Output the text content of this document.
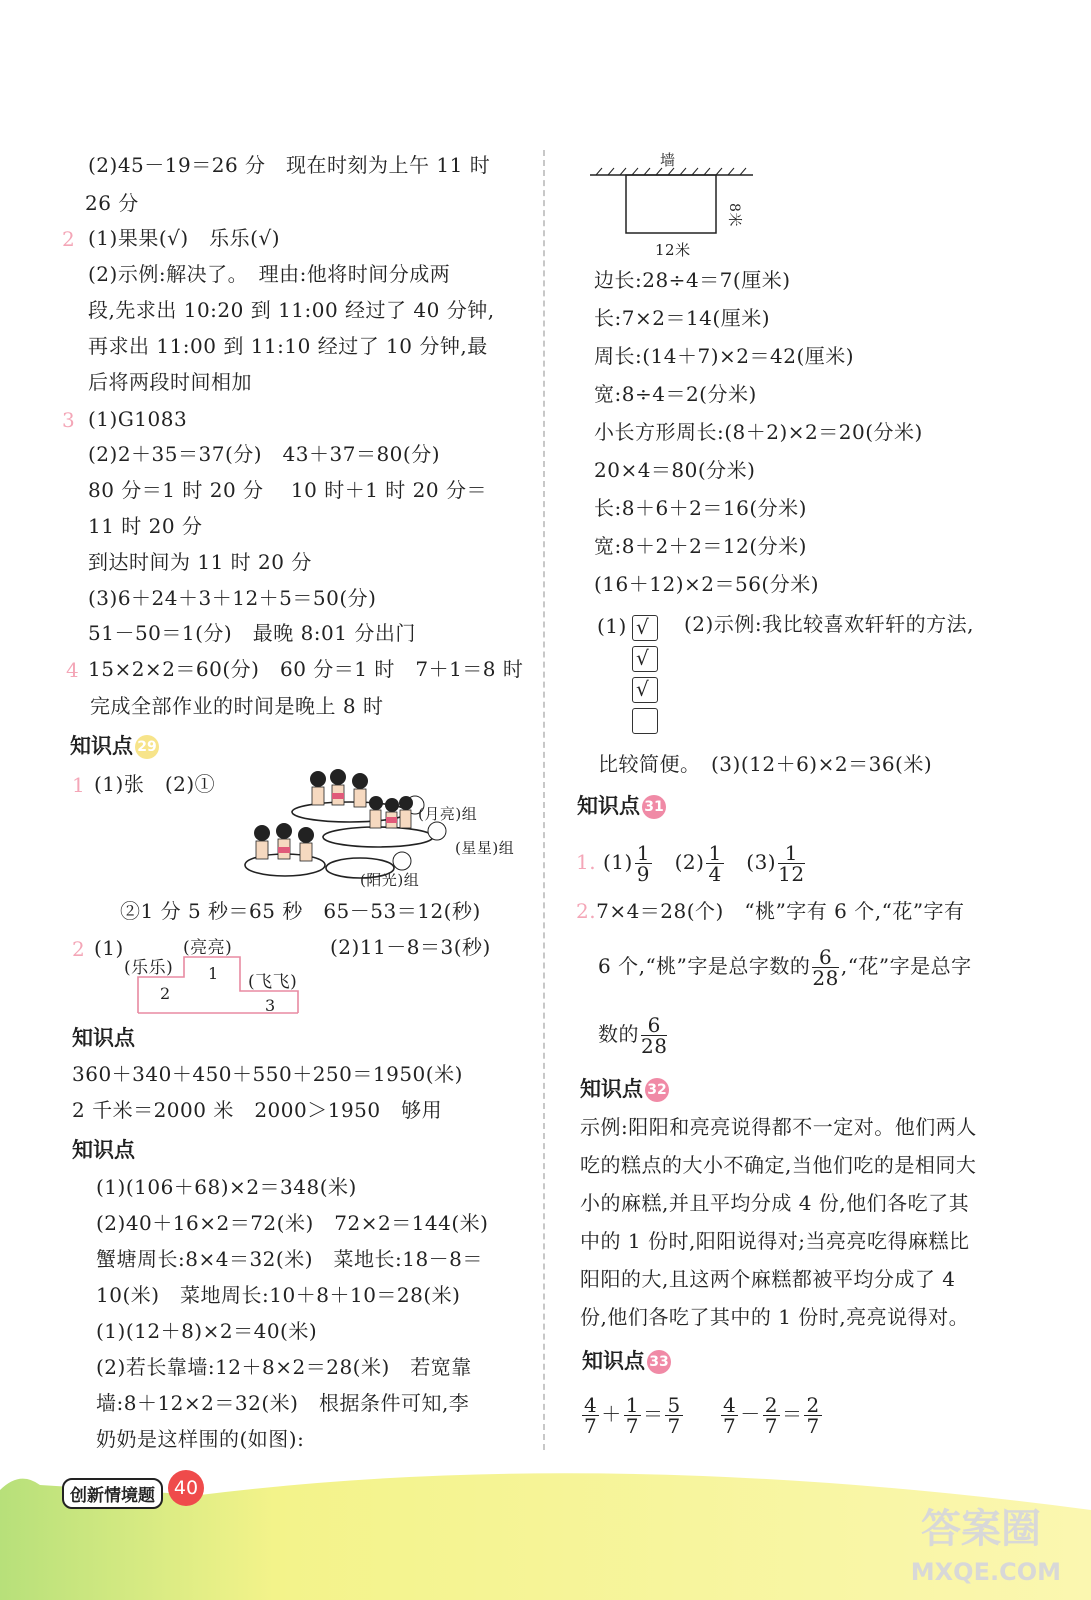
(2)45－19＝26 分　现在时刻为上午 11 时
26 分
2 (1)果果(√)　乐乐(√)
(2)示例:解决了。　理由:他将时间分成两
段,先求出 10:20 到 11:00 经过了 40 分钟,
再求出 11:00 到 11:10 经过了 10 分钟,最
后将两段时间相加
3 (1)G1083
(2)2＋35＝37(分)　43＋37＝80(分)
80 分＝1 时 20 分　 10 时＋1 时 20 分＝
11 时 20 分
到达时间为 11 时 20 分
(3)6＋24＋3＋12＋5＝50(分)
51－50＝1(分)　最晚 8:01 分出门
4 15×2×2＝60(分)　60 分＝1 时　7＋1＝8 时
完成全部作业的时间是晚上 8 时
知识点 29
1 (1)张　(2)①
(月亮)组
(星星)组
(阳光)组
②1 分 5 秒＝65 秒　65－53＝12(秒)
2 (1)	(亮亮)
(乐乐)
(飞飞)
1
2
3
(2)11－8＝3(秒)
知识点
360＋340＋450＋550＋250＝1950(米)
2 千米＝2000 米　2000＞1950　够用
知识点
(1)(106＋68)×2＝348(米)
(2)40＋16×2＝72(米)　72×2＝144(米)
蟹塘周长:8×4＝32(米)　菜地长:18－8＝
10(米)　菜地周长:10＋8＋10＝28(米)
(1)(12＋8)×2＝40(米)
(2)若长靠墙:12＋8×2＝28(米)　若宽靠
墙:8＋12×2＝32(米)　根据条件可知,李
奶奶是这样围的(如图):
墙
8米
12米
边长:28÷4＝7(厘米)
长:7×2＝14(厘米)
周长:(14＋7)×2＝42(厘米)
宽:8÷4＝2(分米)
小长方形周长:(8＋2)×2＝20(分米)
20×4＝80(分米)
长:8＋6＋2＝16(分米)
宽:8＋2＋2＝12(分米)
(16＋12)×2＝56(分米)
(1) √
√
√
(2)示例:我比较喜欢轩轩的方法,
比较简便。　(3)(12＋6)×2＝36(米)
知识点 31
1. $(1) \frac{1}{9} (2) \frac{1}{4} (3) \frac{1}{12}$
2.7×4＝28(个)　“桃”字有 6 个,“花”字有
6 个,“桃”字是总字数的 $\frac{6}{28}$ ,“花”字是总字
数的 $\frac{6}{28}$
知识点 32
示例:阳阳和亮亮说得都不一定对。他们两人
吃的糕点的大小不确定,当他们吃的是相同大
小的麻糕,并且平均分成 4 份,他们各吃了其
中的 1 份时,阳阳说得对;当亮亮吃得麻糕比
阳阳的大,且这两个麻糕都被平均分成了 4
份,他们各吃了其中的 1 份时,亮亮说得对。
知识点 33
$\frac{4}{7} + \frac{1}{7} = \frac{5}{7}$
$\frac{4}{7} - \frac{2}{7} = \frac{2}{7}$
创新情境题 40
答案圈
MXQE.COM
